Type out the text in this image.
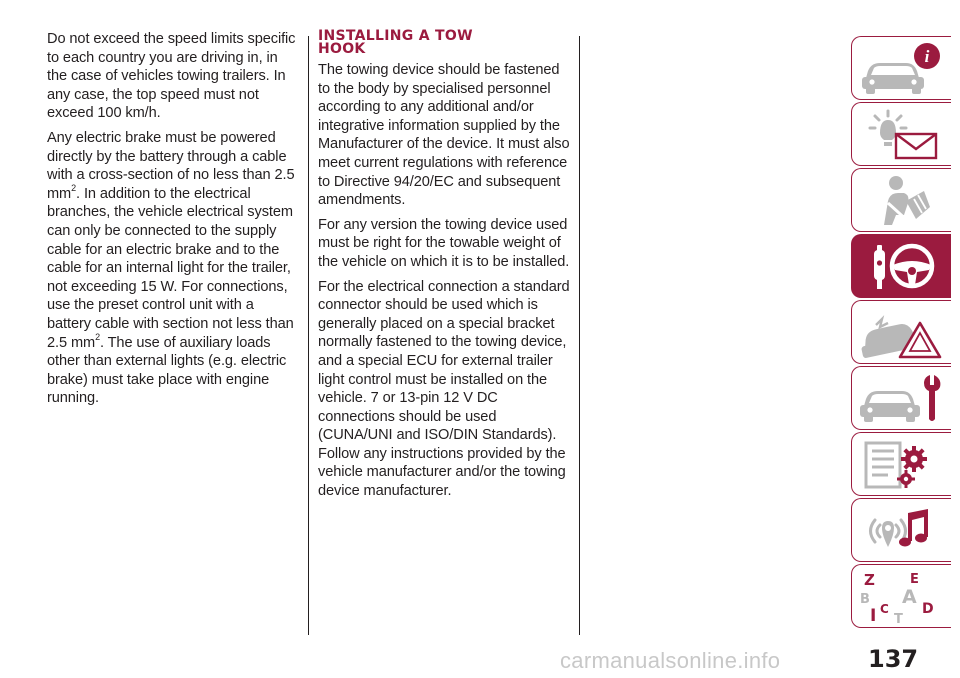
Do not exceed the speed limits specific to each country you are driving in, in the case of vehicles towing trailers. In any case, the top speed must not exceed 100 km/h.

Any electric brake must be powered directly by the battery through a cable with a cross-section of no less than 2.5 $mm^2$. In addition to the electrical branches, the vehicle electrical system can only be connected to the supply cable for an electric brake and to the cable for an internal light for the trailer, not exceeding 15 W. For connections, use the preset control unit with a battery cable with section not less than 2.5 $mm^2$. The use of auxiliary loads other than external lights (e.g. electric brake) must take place with engine running.

INSTALLING A TOW
HOOK

The towing device should be fastened to the body by specialised personnel according to any additional and/or integrative information supplied by the Manufacturer of the device. It must also meet current regulations with reference to Directive 94/20/EC and subsequent amendments.

For any version the towing device used must be right for the towable weight of the vehicle on which it is to be installed.

For the electrical connection a standard connector should be used which is generally placed on a special bracket normally fastened to the towing device, and a special ECU for external trailer light control must be installed on the vehicle. 7 or 13-pin 12 V DC connections should be used (CUNA/UNI and ISO/DIN Standards). Follow any instructions provided by the vehicle manufacturer and/or the towing device manufacturer.

i
Z	E
B A
D
C
I T
carmanualsonline.info	137
